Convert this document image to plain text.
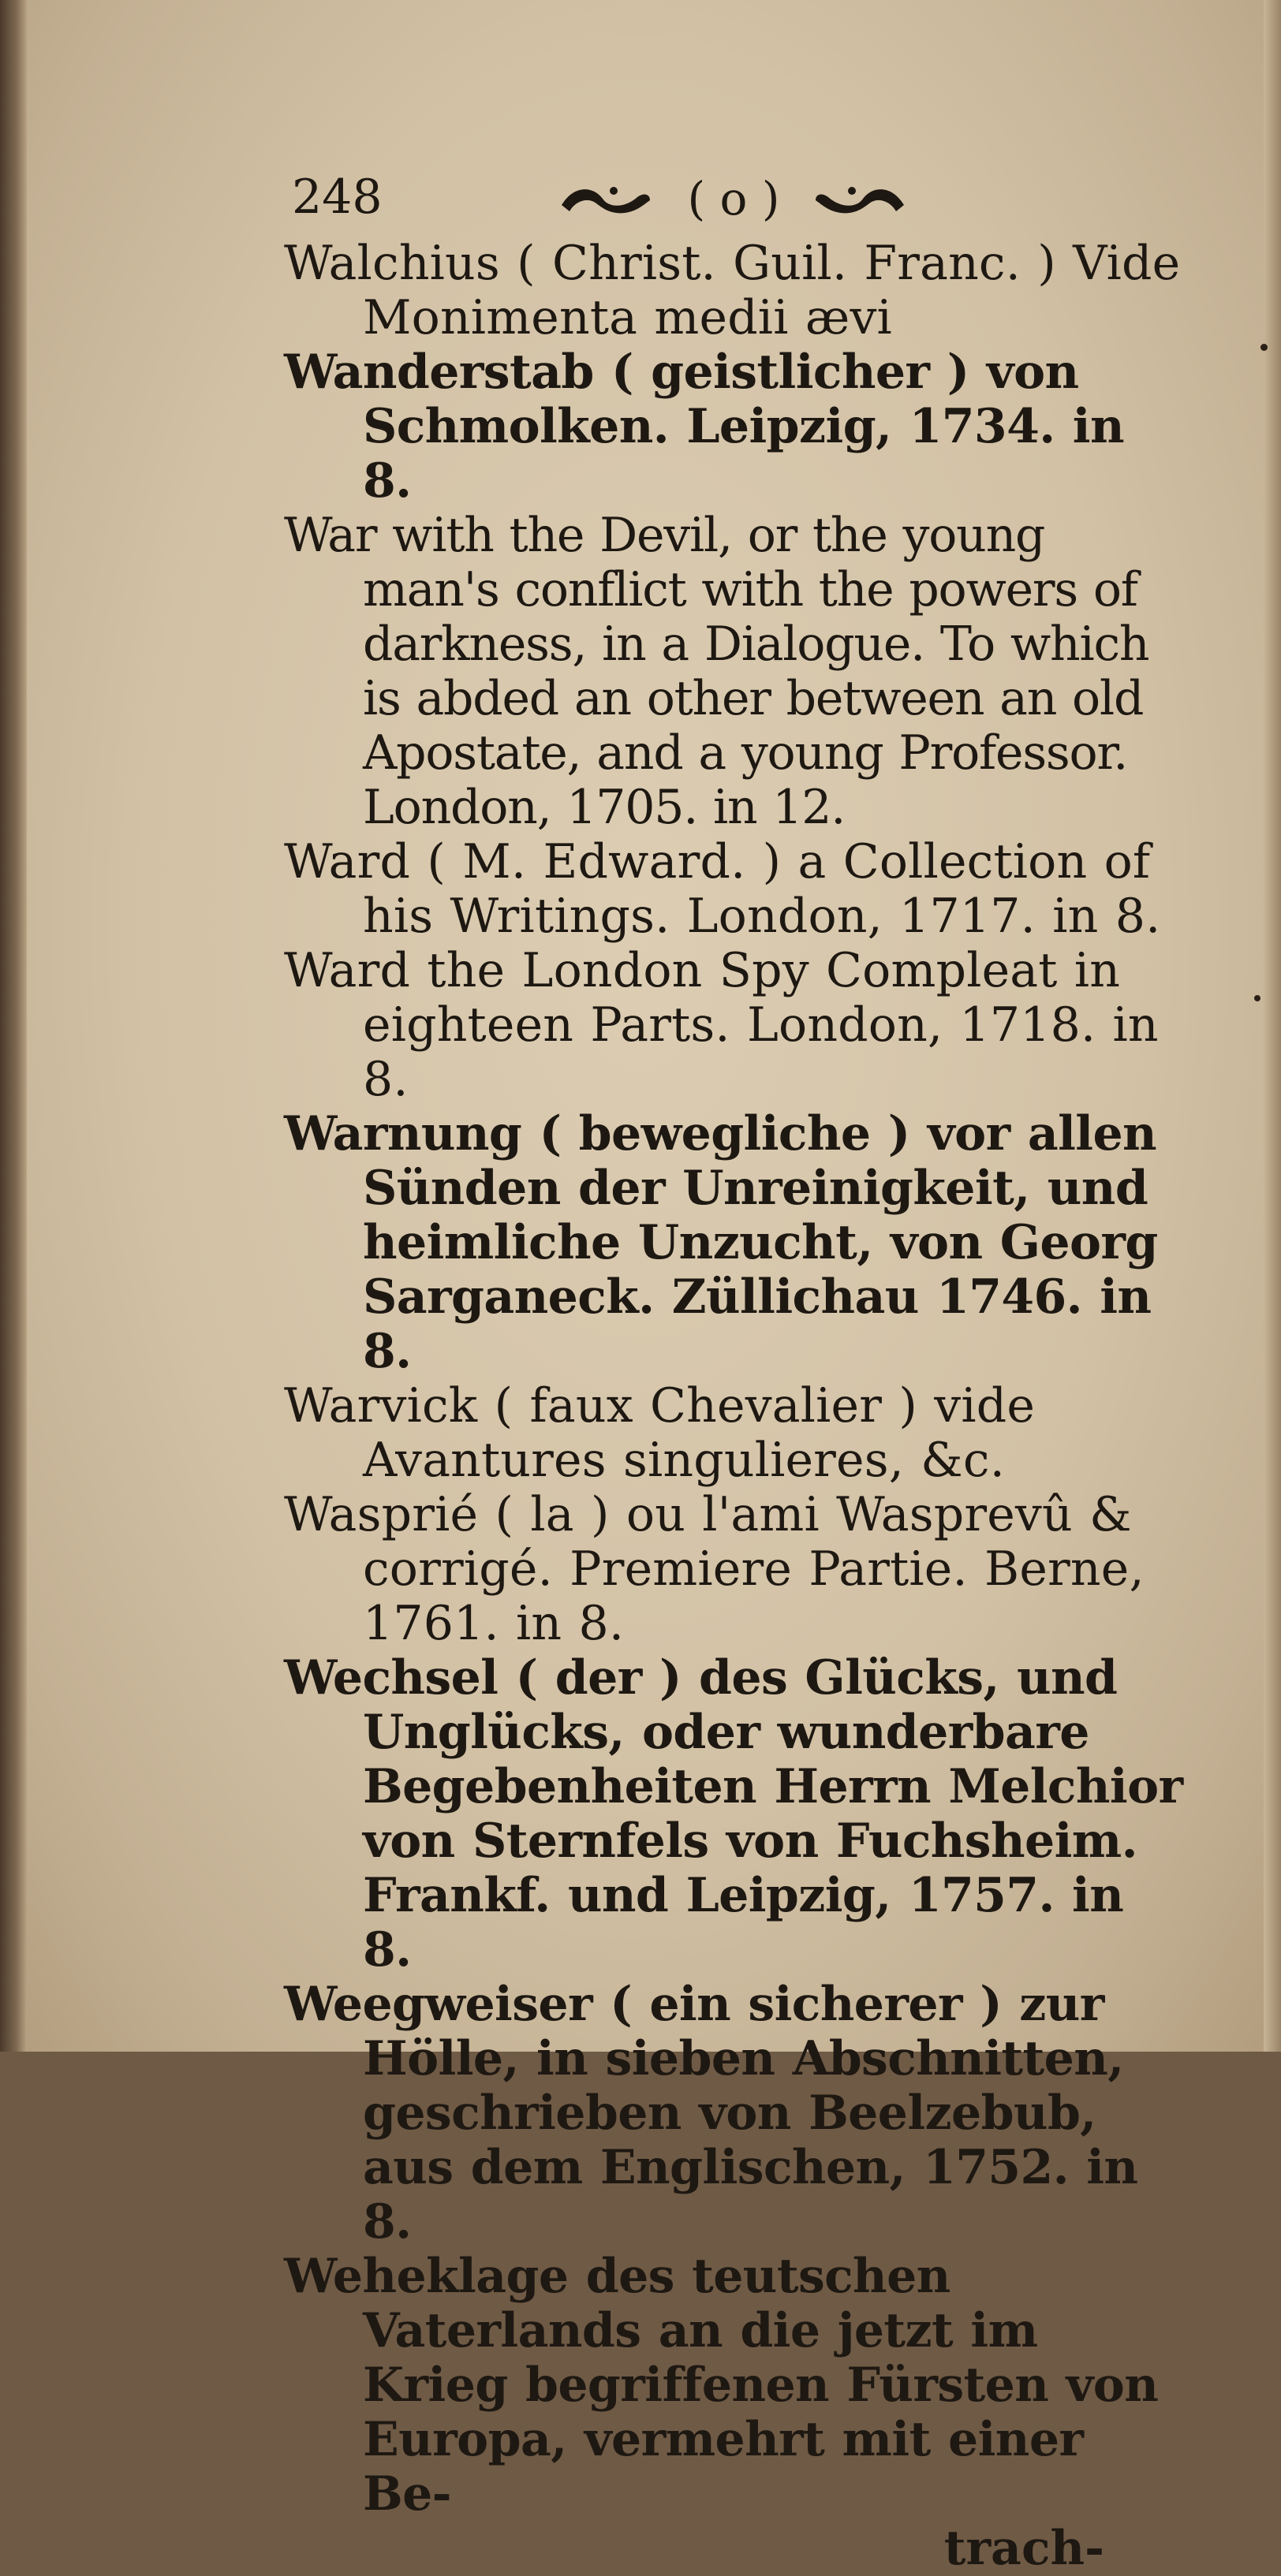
248	( o )
Walchius ( Christ. Guil. Franc. ) Vide Monimenta medii ævi
Wanderstab ( geistlicher ) von Schmolken. Leipzig, 1734. in 8.
War with the Devil, or the young man's conflict with the powers of darkness, in a Dialogue. To which is abded an other between an old Apostate, and a young Professor. London, 1705. in 12.
Ward ( M. Edward. ) a Collection of his Writings. London, 1717. in 8.
Ward the London Spy Compleat in eighteen Parts. London, 1718. in 8.
Warnung ( bewegliche ) vor allen Sünden der Unreinigkeit, und heimliche Unzucht, von Georg Sarganeck. Züllichau 1746. in 8.
Warvick ( faux Chevalier ) vide Avantures singulieres, &c.
Wasprié ( la ) ou l'ami Wasprevû & corrigé. Premiere Partie. Berne, 1761. in 8.
Wechsel ( der ) des Glücks, und Unglücks, oder wunderbare Begebenheiten Herrn Melchior von Sternfels von Fuchsheim. Frankf. und Leipzig, 1757. in 8.
Weegweiser ( ein sicherer ) zur Hölle, in sieben Abschnitten, geschrieben von Beelzebub, aus dem Englischen, 1752. in 8.
Weheklage des teutschen Vaterlands an die jetzt im Krieg begriffenen Fürsten von Europa, vermehrt mit einer Be-
trach-
